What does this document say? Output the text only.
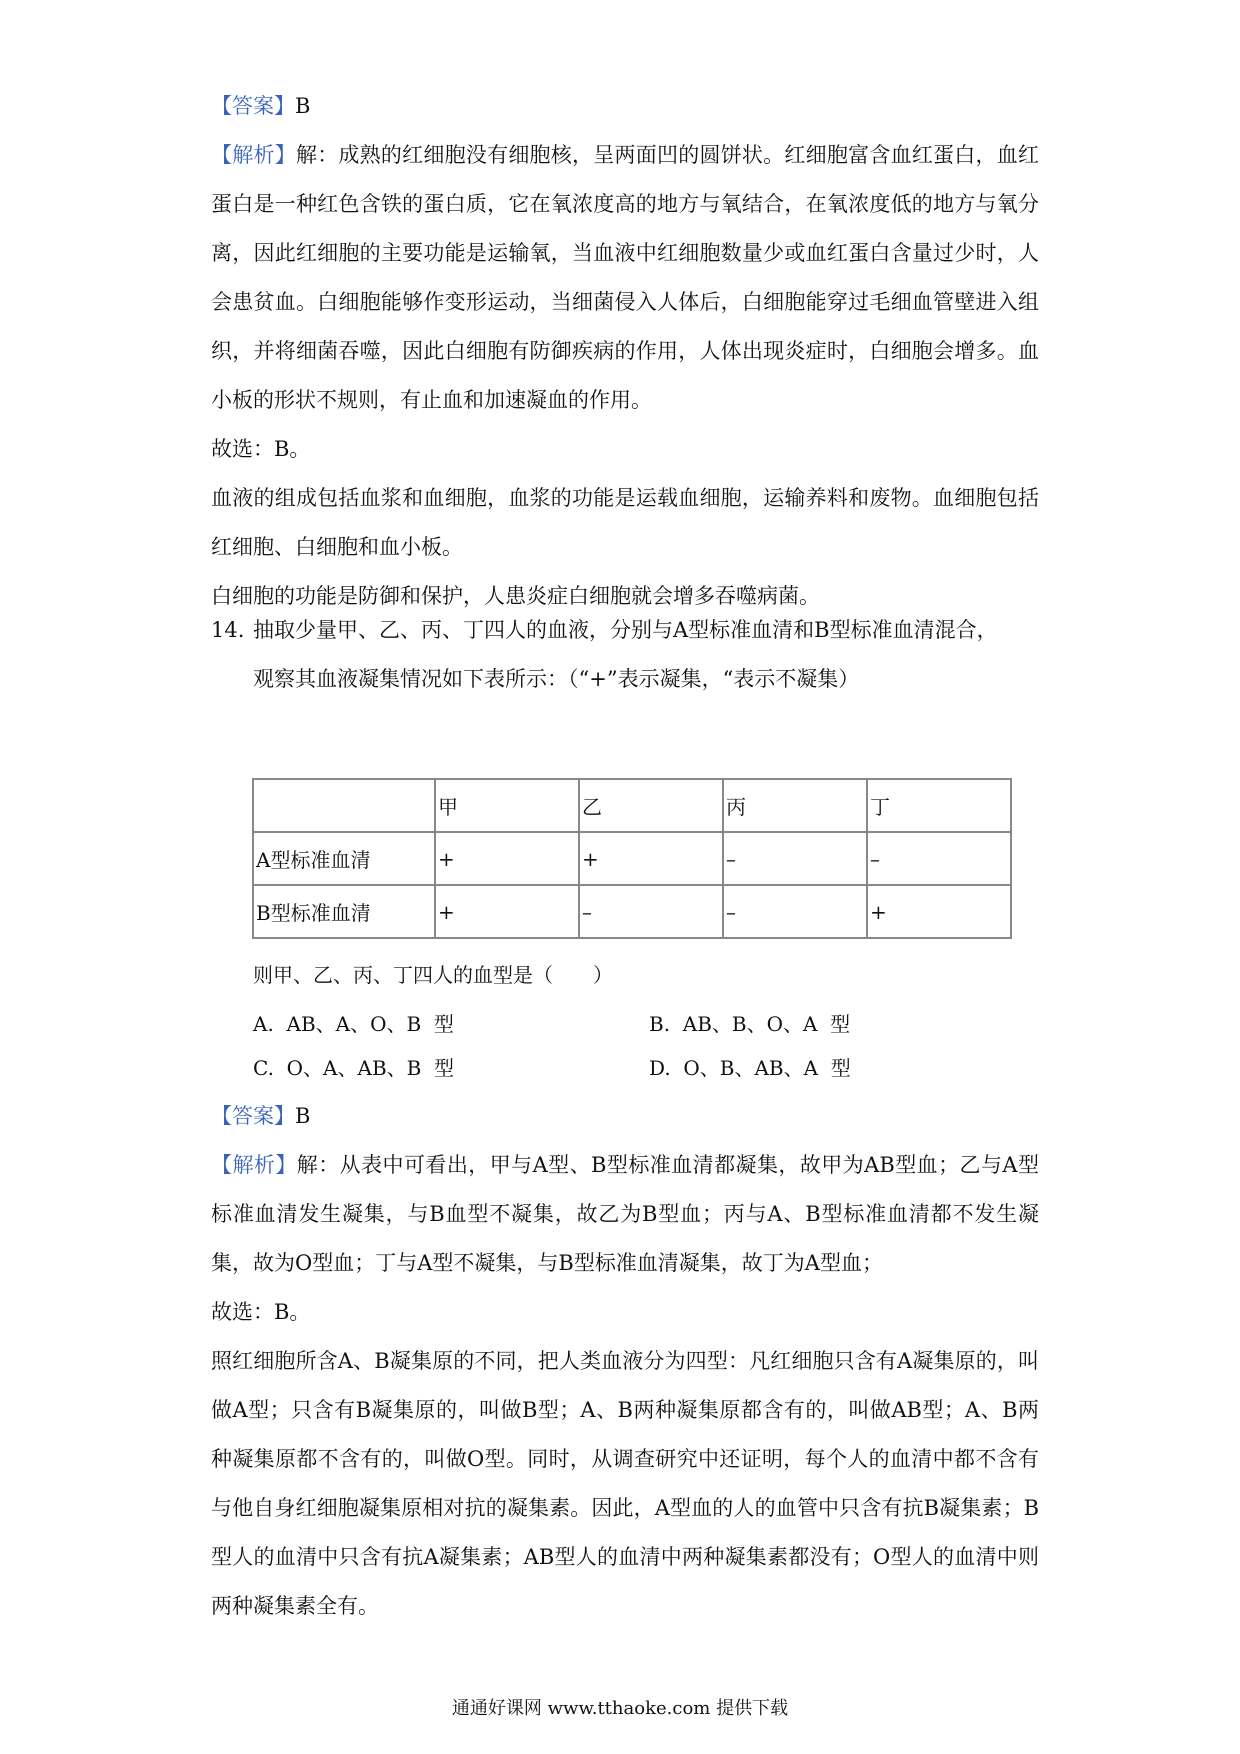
【答案】B

【解析】解：成熟的红细胞没有细胞核，呈两面凹的圆饼状。红细胞富含血红蛋白，血红蛋白是一种红色含铁的蛋白质，它在氧浓度高的地方与氧结合，在氧浓度低的地方与氧分离，因此红细胞的主要功能是运输氧，当血液中红细胞数量少或血红蛋白含量过少时，人会患贫血。白细胞能够作变形运动，当细菌侵入人体后，白细胞能穿过毛细血管壁进入组织，并将细菌吞噬，因此白细胞有防御疾病的作用，人体出现炎症时，白细胞会增多。血小板的形状不规则，有止血和加速凝血的作用。

故选：B。

血液的组成包括血浆和血细胞，血浆的功能是运载血细胞，运输养料和废物。血细胞包括红细胞、白细胞和血小板。

白细胞的功能是防御和保护，人患炎症白细胞就会增多吞噬病菌。

14. 抽取少量甲、乙、丙、丁四人的血液，分别与A型标准血清和B型标准血清混合，
观察其血液凝集情况如下表所示：（“+”表示凝集，“表示不凝集）
	甲	乙	丙	丁
A型标准血清	+	+	–	–
B型标准血清	+	–	–	+
则甲、乙、丙、丁四人的血型是（　　）
A.  AB、A、O、B  型	B.  AB、B、O、A  型
C.  O、A、AB、B  型	D.  O、B、AB、A  型

【答案】B

【解析】解：从表中可看出，甲与A型、B型标准血清都凝集，故甲为AB型血；乙与A型标准血清发生凝集，与B血型不凝集，故乙为B型血；丙与A、B型标准血清都不发生凝集，故为O型血；丁与A型不凝集，与B型标准血清凝集，故丁为A型血；

故选：B。

照红细胞所含A、B凝集原的不同，把人类血液分为四型：凡红细胞只含有A凝集原的，叫做A型；只含有B凝集原的，叫做B型；A、B两种凝集原都含有的，叫做AB型；A、B两种凝集原都不含有的，叫做O型。同时，从调查研究中还证明，每个人的血清中都不含有与他自身红细胞凝集原相对抗的凝集素。因此，A型血的人的血管中只含有抗B凝集素；B型人的血清中只含有抗A凝集素；AB型人的血清中两种凝集素都没有；O型人的血清中则两种凝集素全有。

通通好课网 www.tthaoke.com 提供下载
